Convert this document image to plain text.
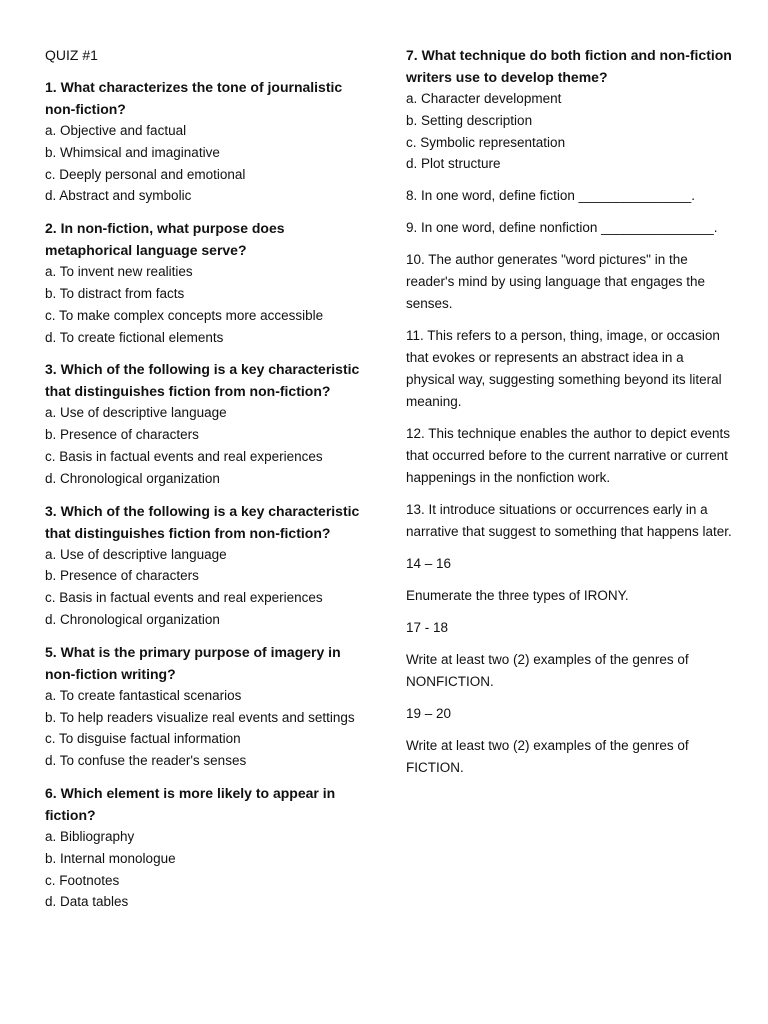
QUIZ #1

1. What characterizes the tone of journalistic non-fiction?

a. Objective and factual
b. Whimsical and imaginative
c. Deeply personal and emotional
d. Abstract and symbolic

2. In non-fiction, what purpose does metaphorical language serve?

a. To invent new realities
b. To distract from facts
c. To make complex concepts more accessible
d. To create fictional elements

3. Which of the following is a key characteristic that distinguishes fiction from non-fiction?

a. Use of descriptive language
b. Presence of characters
c. Basis in factual events and real experiences
d. Chronological organization

3. Which of the following is a key characteristic that distinguishes fiction from non-fiction?

a. Use of descriptive language
b. Presence of characters
c. Basis in factual events and real experiences
d. Chronological organization

5. What is the primary purpose of imagery in non-fiction writing?

a. To create fantastical scenarios
b. To help readers visualize real events and settings
c. To disguise factual information
d. To confuse the reader's senses

6. Which element is more likely to appear in fiction?

a. Bibliography
b. Internal monologue
c. Footnotes
d. Data tables

7. What technique do both fiction and non-fiction writers use to develop theme?

a. Character development
b. Setting description
c. Symbolic representation
d. Plot structure

8. In one word, define fiction _______________.

9. In one word, define nonfiction _______________.

10. The author generates "word pictures" in the reader's mind by using language that engages the senses.

11. This refers to a person, thing, image, or occasion that evokes or represents an abstract idea in a physical way, suggesting something beyond its literal meaning.

12. This technique enables the author to depict events that occurred before to the current narrative or current happenings in the nonfiction work.

13. It introduce situations or occurrences early in a narrative that suggest to something that happens later.

14 – 16

Enumerate the three types of IRONY.

17 - 18

Write at least two (2) examples of the genres of NONFICTION.

19 – 20

Write at least two (2) examples of the genres of FICTION.
